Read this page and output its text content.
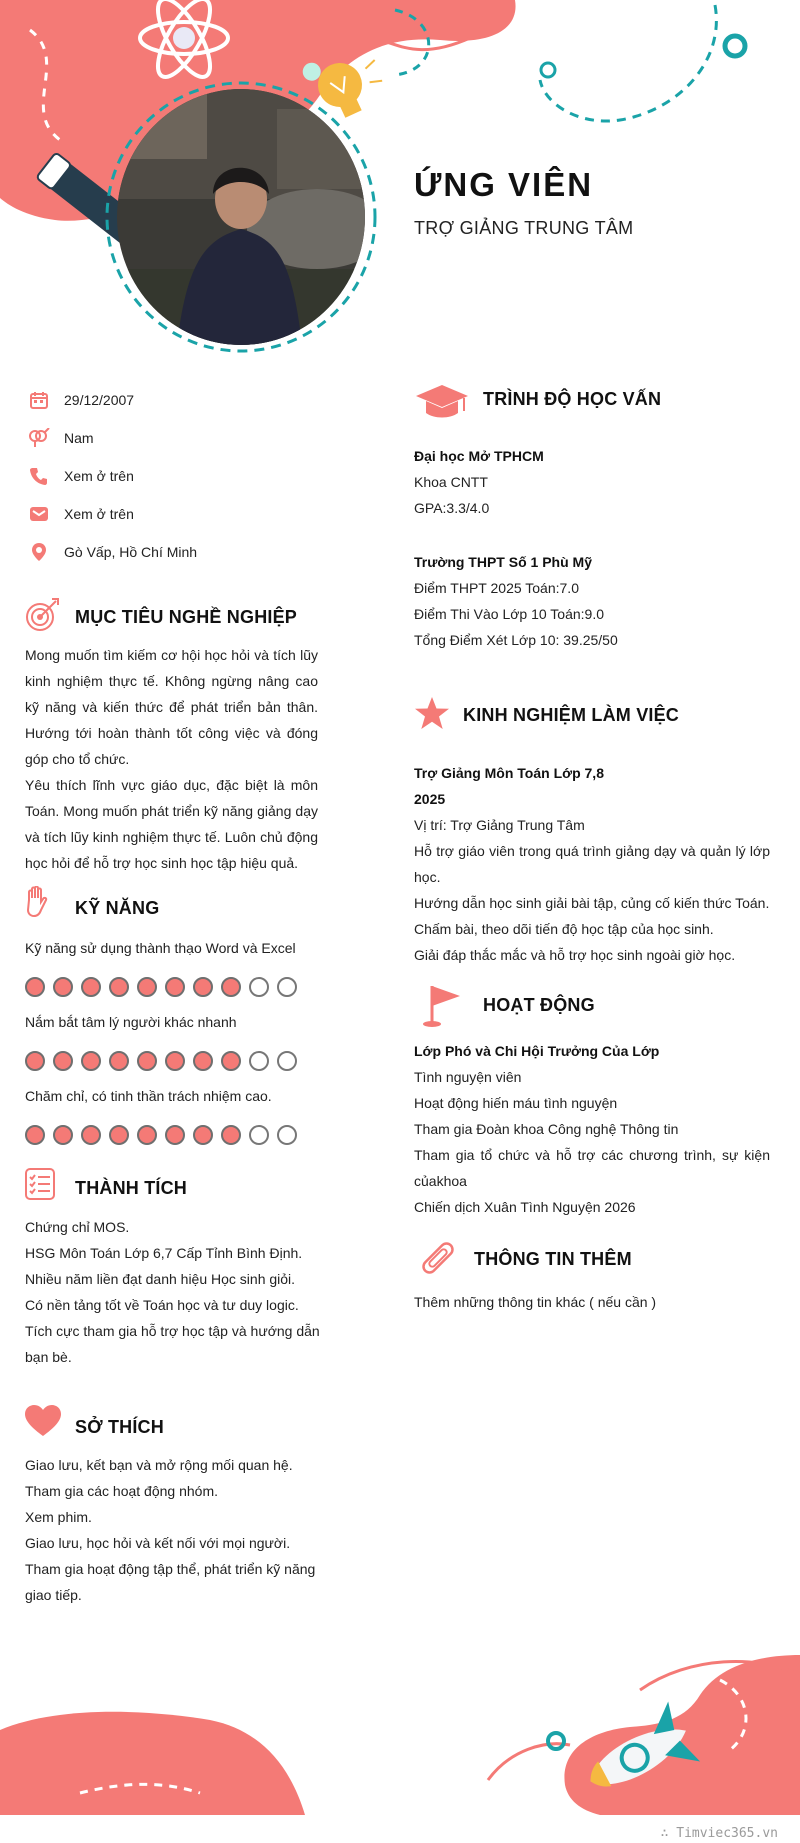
ỨNG VIÊN
TRỢ GIẢNG TRUNG TÂM
29/12/2007
Nam
Xem ở trên
Xem ở trên
Gò Vấp, Hồ Chí Minh
MỤC TIÊU NGHỀ NGHIỆP

Mong muốn tìm kiếm cơ hội học hỏi và tích lũy kinh nghiệm thực tế. Không ngừng nâng cao kỹ năng và kiến thức để phát triển bản thân. Hướng tới hoàn thành tốt công việc và đóng góp cho tổ chức.

Yêu thích lĩnh vực giáo dục, đặc biệt là môn Toán. Mong muốn phát triển kỹ năng giảng dạy và tích lũy kinh nghiệm thực tế. Luôn chủ động học hỏi để hỗ trợ học sinh học tập hiệu quả.

KỸ NĂNG
Kỹ năng sử dụng thành thạo Word và Excel
Nắm bắt tâm lý người khác nhanh
Chăm chỉ, có tinh thần trách nhiệm cao.
THÀNH TÍCH

Chứng chỉ MOS.

HSG Môn Toán Lớp 6,7 Cấp Tỉnh Bình Định.

Nhiều năm liền đạt danh hiệu Học sinh giỏi.

Có nền tảng tốt về Toán học và tư duy logic.

Tích cực tham gia hỗ trợ học tập và hướng dẫn bạn bè.

SỞ THÍCH

Giao lưu, kết bạn và mở rộng mối quan hệ.

Tham gia các hoạt động nhóm.

Xem phim.

Giao lưu, học hỏi và kết nối với mọi người.

Tham gia hoạt động tập thể, phát triển kỹ năng giao tiếp.

TRÌNH ĐỘ HỌC VẤN

Đại học Mở TPHCM

Khoa CNTT

GPA:3.3/4.0

Trường THPT Số 1 Phù Mỹ

Điểm THPT 2025 Toán:7.0

Điểm Thi Vào Lớp 10 Toán:9.0

Tổng Điểm Xét Lớp 10: 39.25/50

KINH NGHIỆM LÀM VIỆC

Trợ Giảng Môn Toán Lớp 7,8

2025

Vị trí: Trợ Giảng Trung Tâm

Hỗ trợ giáo viên trong quá trình giảng dạy và quản lý lớp học.

Hướng dẫn học sinh giải bài tập, củng cố kiến thức Toán.

Chấm bài, theo dõi tiến độ học tập của học sinh.

Giải đáp thắc mắc và hỗ trợ học sinh ngoài giờ học.

HOẠT ĐỘNG

Lớp Phó và Chi Hội Trưởng Của Lớp

Tình nguyện viên

Hoạt động hiến máu tình nguyện

Tham gia Đoàn khoa Công nghệ Thông tin

Tham gia tổ chức và hỗ trợ các chương trình, sự kiện củakhoa

Chiến dịch Xuân Tình Nguyện 2026

THÔNG TIN THÊM

Thêm những thông tin khác ( nếu cần )

∴ Timviec365.vn
